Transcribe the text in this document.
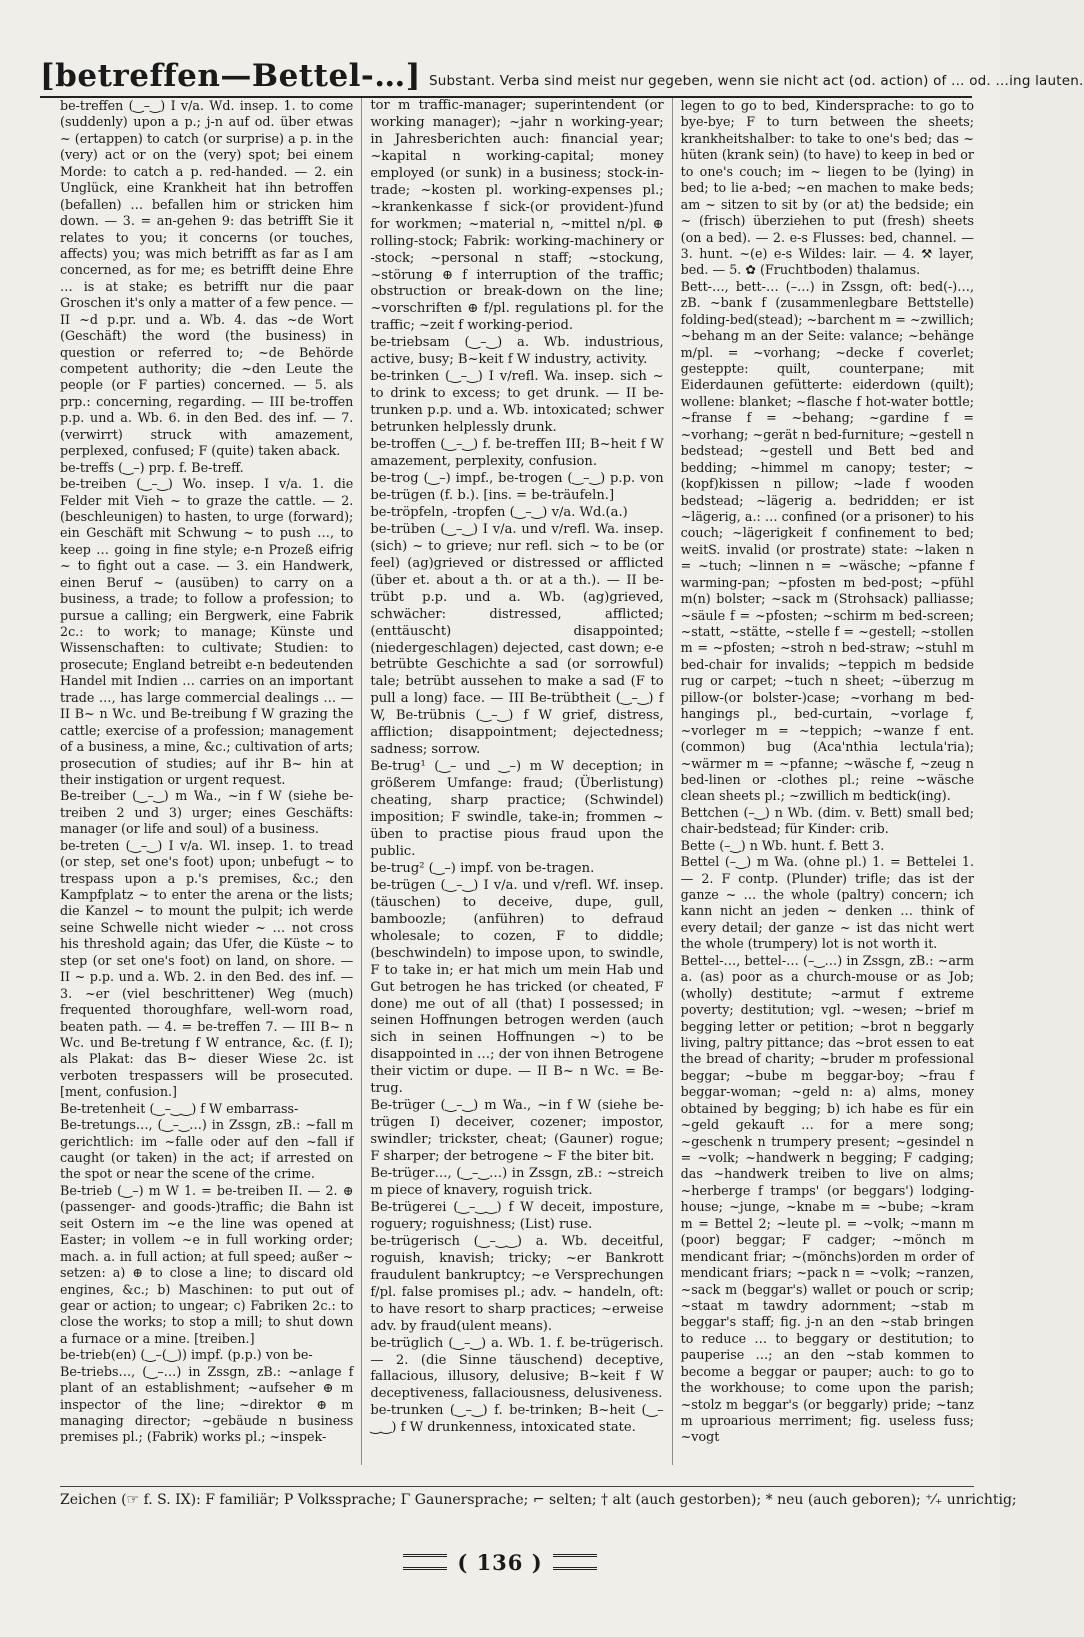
[betreffen—Bettel-…] Substant. Verba sind meist nur gegeben, wenn sie nicht act (od. action) of … od. …ing lauten.

be-treffen (‿–‿) I v/a. Wd. insep. 1. to come (suddenly) upon a p.; j-n auf od. über etwas ~ (ertappen) to catch (or surprise) a p. in the (very) act or on the (very) spot; bei einem Morde: to catch a p. red-handed. — 2. ein Unglück, eine Krankheit hat ihn betroffen (befallen) … befallen him or stricken him down. — 3. = an-gehen 9: das betrifft Sie it relates to you; it concerns (or touches, affects) you; was mich betrifft as far as I am concerned, as for me; es betrifft deine Ehre … is at stake; es betrifft nur die paar Groschen it's only a matter of a few pence. — II ~d p.pr. und a. Wb. 4. das ~de Wort (Geschäft) the word (the business) in question or referred to; ~de Behörde competent authority; die ~den Leute the people (or F parties) concerned. — 5. als prp.: concerning, regarding. — III be-troffen p.p. und a. Wb. 6. in den Bed. des inf. — 7. (verwirrt) struck with amazement, perplexed, confused; F (quite) taken aback.

be-treffs (‿–) prp. f. Be-treff.

be-treiben (‿–‿) Wo. insep. I v/a. 1. die Felder mit Vieh ~ to graze the cattle. — 2. (beschleunigen) to hasten, to urge (forward); ein Geschäft mit Schwung ~ to push …, to keep … going in fine style; e-n Prozeß eifrig ~ to fight out a case. — 3. ein Handwerk, einen Beruf ~ (ausüben) to carry on a business, a trade; to follow a profession; to pursue a calling; ein Bergwerk, eine Fabrik 2c.: to work; to manage; Künste und Wissenschaften: to cultivate; Studien: to prosecute; England betreibt e-n bedeutenden Handel mit Indien … carries on an important trade …, has large commercial dealings … — II B~ n Wc. und Be-treibung f W grazing the cattle; exercise of a profession; management of a business, a mine, &c.; cultivation of arts; prosecution of studies; auf ihr B~ hin at their instigation or urgent request.

Be-treiber (‿–‿) m Wa., ~in f W (siehe be-treiben 2 und 3) urger; eines Geschäfts: manager (or life and soul) of a business.

be-treten (‿–‿) I v/a. Wl. insep. 1. to tread (or step, set one's foot) upon; unbefugt ~ to trespass upon a p.'s premises, &c.; den Kampfplatz ~ to enter the arena or the lists; die Kanzel ~ to mount the pulpit; ich werde seine Schwelle nicht wieder ~ … not cross his threshold again; das Ufer, die Küste ~ to step (or set one's foot) on land, on shore. — II ~ p.p. und a. Wb. 2. in den Bed. des inf. — 3. ~er (viel beschrittener) Weg (much) frequented thoroughfare, well-worn road, beaten path. — 4. = be-treffen 7. — III B~ n Wc. und Be-tretung f W entrance, &c. (f. I); als Plakat: das B~ dieser Wiese 2c. ist verboten trespassers will be prosecuted. [ment, confusion.]

Be-tretenheit (‿–‿‿) f W embarrass-

Be-tretungs…, (‿–‿…) in Zssgn, zB.: ~fall m gerichtlich: im ~falle oder auf den ~fall if caught (or taken) in the act; if arrested on the spot or near the scene of the crime.

Be-trieb (‿–) m W 1. = be-treiben II. — 2. ⊕ (passenger- and goods-)traffic; die Bahn ist seit Ostern im ~e the line was opened at Easter; in vollem ~e in full working order; mach. a. in full action; at full speed; außer ~ setzen: a) ⊕ to close a line; to discard old engines, &c.; b) Maschinen: to put out of gear or action; to ungear; c) Fabriken 2c.: to close the works; to stop a mill; to shut down a furnace or a mine. [treiben.]

be-trieb(en) (‿–(‿)) impf. (p.p.) von be-

Be-triebs…, (‿–…) in Zssgn, zB.: ~anlage f plant of an establishment; ~aufseher ⊕ m inspector of the line; ~direktor ⊕ m managing director; ~gebäude n business premises pl.; (Fabrik) works pl.; ~inspek-

tor m traffic-manager; superintendent (or working manager); ~jahr n working-year; in Jahresberichten auch: financial year; ~kapital n working-capital; money employed (or sunk) in a business; stock-in-trade; ~kosten pl. working-expenses pl.; ~krankenkasse f sick-(or provident-)fund for workmen; ~material n, ~mittel n/pl. ⊕ rolling-stock; Fabrik: working-machinery or -stock; ~personal n staff; ~stockung, ~störung ⊕ f interruption of the traffic; obstruction or break-down on the line; ~vorschriften ⊕ f/pl. regulations pl. for the traffic; ~zeit f working-period.

be-triebsam (‿–‿) a. Wb. industrious, active, busy; B~keit f W industry, activity.

be-trinken (‿–‿) I v/refl. Wa. insep. sich ~ to drink to excess; to get drunk. — II be-trunken p.p. und a. Wb. intoxicated; schwer betrunken helplessly drunk.

be-troffen (‿–‿) f. be-treffen III; B~heit f W amazement, perplexity, confusion.

be-trog (‿–) impf., be-trogen (‿–‿) p.p. von be-trügen (f. b.). [ins. = be-träufeln.]

be-tröpfeln, -tropfen (‿–‿) v/a. Wd.(a.)

be-trüben (‿–‿) I v/a. und v/refl. Wa. insep. (sich) ~ to grieve; nur refl. sich ~ to be (or feel) (ag)grieved or distressed or afflicted (über et. about a th. or at a th.). — II be-trübt p.p. und a. Wb. (ag)grieved, schwächer: distressed, afflicted; (enttäuscht) disappointed; (niedergeschlagen) dejected, cast down; e-e betrübte Geschichte a sad (or sorrowful) tale; betrübt aussehen to make a sad (F to pull a long) face. — III Be-trübtheit (‿–‿) f W, Be-trübnis (‿–‿) f W grief, distress, affliction; disappointment; dejectedness; sadness; sorrow.

Be-trug¹ (‿– und ‿–) m W deception; in größerem Umfange: fraud; (Überlistung) cheating, sharp practice; (Schwindel) imposition; F swindle, take-in; frommen ~ üben to practise pious fraud upon the public.

be-trug² (‿–) impf. von be-tragen.

be-trügen (‿–‿) I v/a. und v/refl. Wf. insep. (täuschen) to deceive, dupe, gull, bamboozle; (anführen) to defraud wholesale; to cozen, F to diddle; (beschwindeln) to impose upon, to swindle, F to take in; er hat mich um mein Hab und Gut betrogen he has tricked (or cheated, F done) me out of all (that) I possessed; in seinen Hoffnungen betrogen werden (auch sich in seinen Hoffnungen ~) to be disappointed in …; der von ihnen Betrogene their victim or dupe. — II B~ n Wc. = Be-trug.

Be-trüger (‿–‿) m Wa., ~in f W (siehe be-trügen I) deceiver, cozener; impostor, swindler; trickster, cheat; (Gauner) rogue; F sharper; der betrogene ~ F the biter bit.

Be-trüger…, (‿–‿…) in Zssgn, zB.: ~streich m piece of knavery, roguish trick.

Be-trügerei (‿–‿‿) f W deceit, imposture, roguery; roguishness; (List) ruse.

be-trügerisch (‿–‿‿) a. Wb. deceitful, roguish, knavish; tricky; ~er Bankrott fraudulent bankruptcy; ~e Versprechungen f/pl. false promises pl.; adv. ~ handeln, oft: to have resort to sharp practices; ~erweise adv. by fraud(ulent means).

be-trüglich (‿–‿) a. Wb. 1. f. be-trügerisch. — 2. (die Sinne täuschend) deceptive, fallacious, illusory, delusive; B~keit f W deceptiveness, fallaciousness, delusiveness.

be-trunken (‿–‿) f. be-trinken; B~heit (‿–‿‿) f W drunkenness, intoxicated state.

legen to go to bed, Kindersprache: to go to bye-bye; F to turn between the sheets; krankheitshalber: to take to one's bed; das ~ hüten (krank sein) (to have) to keep in bed or to one's couch; im ~ liegen to be (lying) in bed; to lie a-bed; ~en machen to make beds; am ~ sitzen to sit by (or at) the bedside; ein ~ (frisch) überziehen to put (fresh) sheets (on a bed). — 2. e-s Flusses: bed, channel. — 3. hunt. ~(e) e-s Wildes: lair. — 4. ⚒ layer, bed. — 5. ✿ (Fruchtboden) thalamus.

Bett-…, bett-… (–…) in Zssgn, oft: bed(-)…, zB. ~bank f (zusammenlegbare Bettstelle) folding-bed(stead); ~barchent m = ~zwillich; ~behang m an der Seite: valance; ~behänge m/pl. = ~vorhang; ~decke f coverlet; gesteppte: quilt, counterpane; mit Eiderdaunen gefütterte: eiderdown (quilt); wollene: blanket; ~flasche f hot-water bottle; ~franse f = ~behang; ~gardine f = ~vorhang; ~gerät n bed-furniture; ~gestell n bedstead; ~gestell und Bett bed and bedding; ~himmel m canopy; tester; ~(kopf)kissen n pillow; ~lade f wooden bedstead; ~lägerig a. bedridden; er ist ~lägerig, a.: … confined (or a prisoner) to his couch; ~lägerigkeit f confinement to bed; weitS. invalid (or prostrate) state: ~laken n = ~tuch; ~linnen n = ~wäsche; ~pfanne f warming-pan; ~pfosten m bed-post; ~pfühl m(n) bolster; ~sack m (Strohsack) palliasse; ~säule f = ~pfosten; ~schirm m bed-screen; ~statt, ~stätte, ~stelle f = ~gestell; ~stollen m = ~pfosten; ~stroh n bed-straw; ~stuhl m bed-chair for invalids; ~teppich m bedside rug or carpet; ~tuch n sheet; ~überzug m pillow-(or bolster-)case; ~vorhang m bed-hangings pl., bed-curtain, ~vorlage f, ~vorleger m = ~teppich; ~wanze f ent. (common) bug (Aca'nthia lectula'ria); ~wärmer m = ~pfanne; ~wäsche f, ~zeug n bed-linen or -clothes pl.; reine ~wäsche clean sheets pl.; ~zwillich m bedtick(ing).

Bettchen (–‿) n Wb. (dim. v. Bett) small bed; chair-bedstead; für Kinder: crib.

Bette (–‿) n Wb. hunt. f. Bett 3.

Bettel (–‿) m Wa. (ohne pl.) 1. = Bettelei 1. — 2. F contp. (Plunder) trifle; das ist der ganze ~ … the whole (paltry) concern; ich kann nicht an jeden ~ denken … think of every detail; der ganze ~ ist das nicht wert the whole (trumpery) lot is not worth it.

Bettel-…, bettel-… (–‿…) in Zssgn, zB.: ~arm a. (as) poor as a church-mouse or as Job; (wholly) destitute; ~armut f extreme poverty; destitution; vgl. ~wesen; ~brief m begging letter or petition; ~brot n beggarly living, paltry pittance; das ~brot essen to eat the bread of charity; ~bruder m professional beggar; ~bube m beggar-boy; ~frau f beggar-woman; ~geld n: a) alms, money obtained by begging; b) ich habe es für ein ~geld gekauft … for a mere song; ~geschenk n trumpery present; ~gesindel n = ~volk; ~handwerk n begging; F cadging; das ~handwerk treiben to live on alms; ~herberge f tramps' (or beggars') lodging-house; ~junge, ~knabe m = ~bube; ~kram m = Bettel 2; ~leute pl. = ~volk; ~mann m (poor) beggar; F cadger; ~mönch m mendicant friar; ~(mönchs)orden m order of mendicant friars; ~pack n = ~volk; ~ranzen, ~sack m (beggar's) wallet or pouch or scrip; ~staat m tawdry adornment; ~stab m beggar's staff; fig. j-n an den ~stab bringen to reduce … to beggary or destitution; to pauperise …; an den ~stab kommen to become a beggar or pauper; auch: to go to the workhouse; to come upon the parish; ~stolz m beggar's (or beggarly) pride; ~tanz m uproarious merriment; fig. useless fuss; ~vogt

Zeichen (☞ f. S. IX): F familiär; P Volkssprache; Γ Gaunersprache; ⌐ selten; † alt (auch gestorben); * neu (auch geboren); ⁺⁄₊ unrichtig;
( 136 )
